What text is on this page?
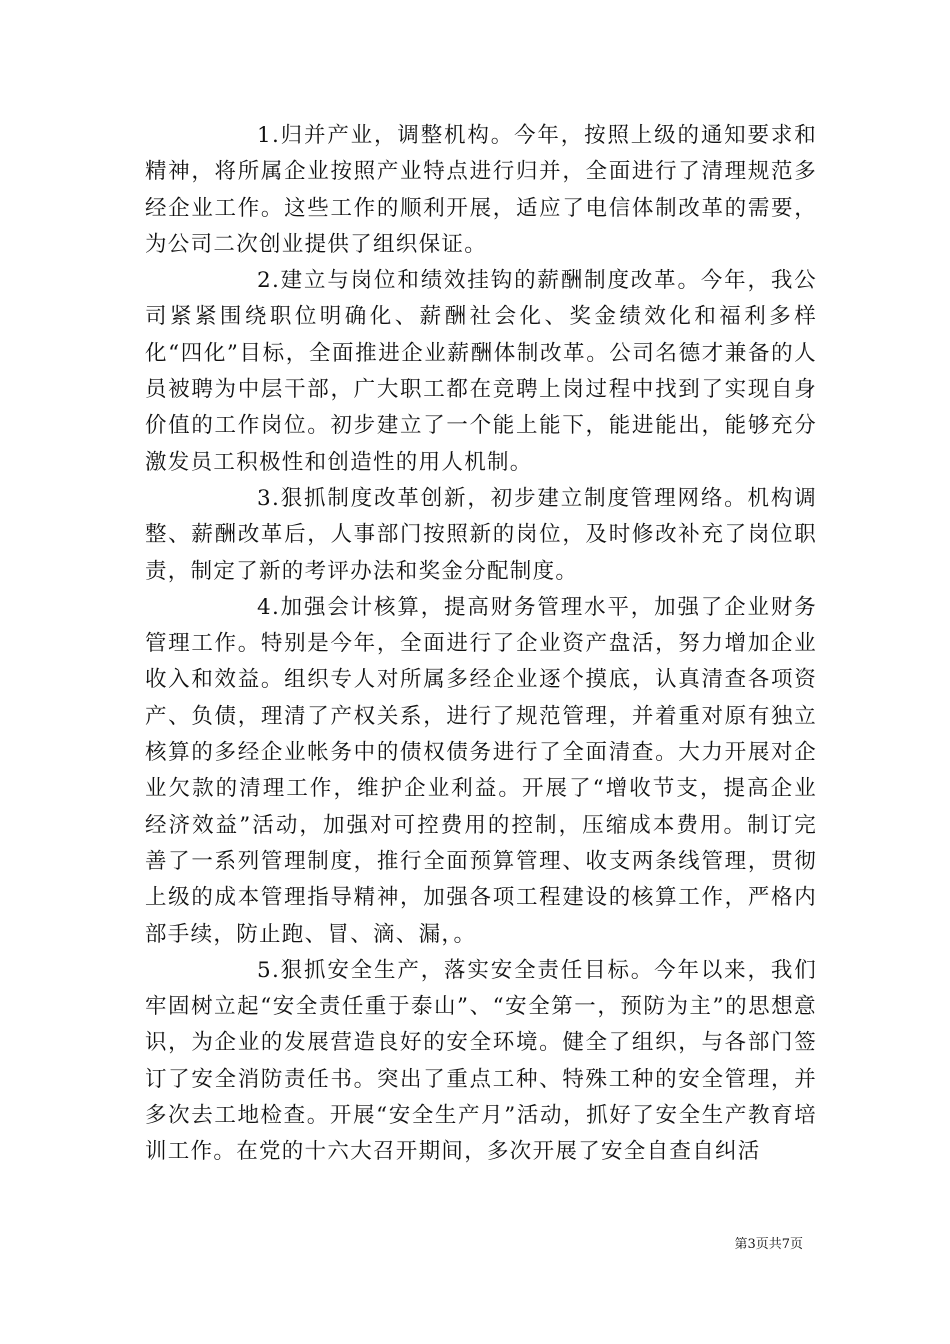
1.归并产业，调整机构。今年，按照上级的通知要求和精神，将所属企业按照产业特点进行归并，全面进行了清理规范多经企业工作。这些工作的顺利开展，适应了电信体制改革的需要，为公司二次创业提供了组织保证。

2.建立与岗位和绩效挂钩的薪酬制度改革。今年，我公司紧紧围绕职位明确化、薪酬社会化、奖金绩效化和福利多样化“四化”目标，全面推进企业薪酬体制改革。公司名德才兼备的人员被聘为中层干部，广大职工都在竞聘上岗过程中找到了实现自身价值的工作岗位。初步建立了一个能上能下，能进能出，能够充分激发员工积极性和创造性的用人机制。

3.狠抓制度改革创新，初步建立制度管理网络。机构调整、薪酬改革后，人事部门按照新的岗位，及时修改补充了岗位职责，制定了新的考评办法和奖金分配制度。

4.加强会计核算，提高财务管理水平，加强了企业财务管理工作。特别是今年，全面进行了企业资产盘活，努力增加企业收入和效益。组织专人对所属多经企业逐个摸底，认真清查各项资产、负债，理清了产权关系，进行了规范管理，并着重对原有独立核算的多经企业帐务中的债权债务进行了全面清查。大力开展对企业欠款的清理工作，维护企业利益。开展了“增收节支，提高企业经济效益”活动，加强对可控费用的控制，压缩成本费用。制订完善了一系列管理制度，推行全面预算管理、收支两条线管理，贯彻上级的成本管理指导精神，加强各项工程建设的核算工作，严格内部手续，防止跑、冒、滴、漏，。

5.狠抓安全生产，落实安全责任目标。今年以来，我们牢固树立起“安全责任重于泰山”、“安全第一，预防为主”的思想意识，为企业的发展营造良好的安全环境。健全了组织，与各部门签订了安全消防责任书。突出了重点工种、特殊工种的安全管理，并多次去工地检查。开展“安全生产月”活动，抓好了安全生产教育培训工作。在党的十六大召开期间，多次开展了安全自查自纠活

第3页共7页
